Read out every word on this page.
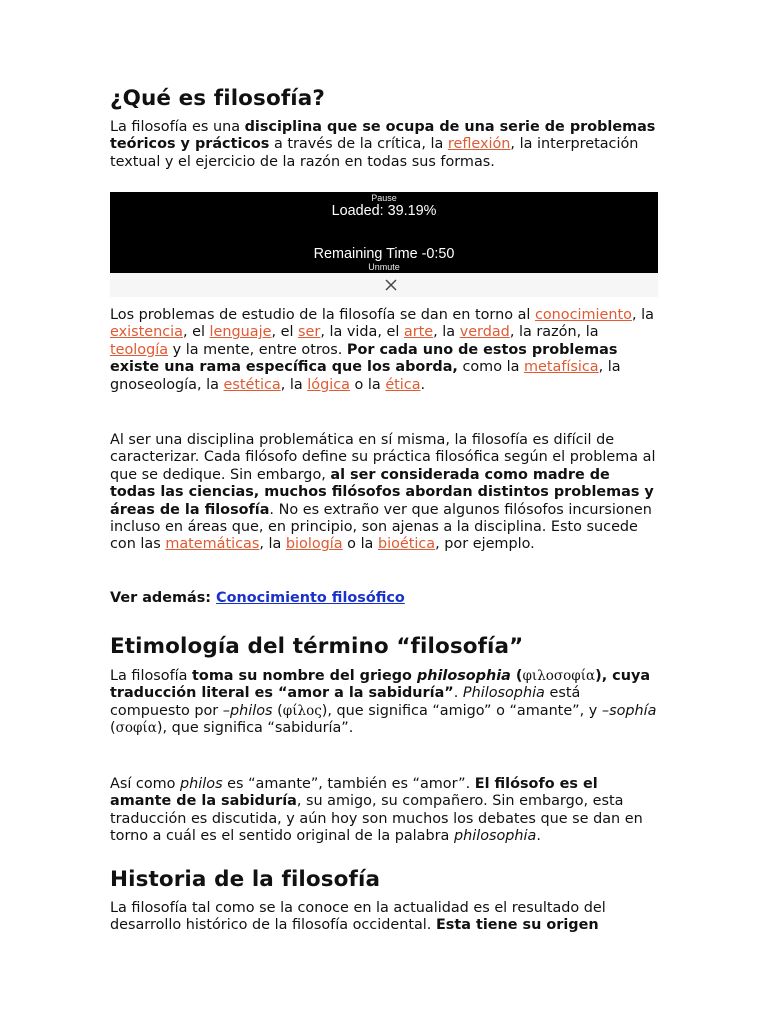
¿Qué es filosofía?

La filosofía es una disciplina que se ocupa de una serie de problemas teóricos y prácticos a través de la crítica, la reflexión, la interpretación textual y el ejercicio de la razón en todas sus formas.

Pause
Loaded: 39.19%
Remaining Time -0:50
Unmute

Los problemas de estudio de la filosofía se dan en torno al conocimiento, la existencia, el lenguaje, el ser, la vida, el arte, la verdad, la razón, la teología y la mente, entre otros. Por cada uno de estos problemas existe una rama específica que los aborda, como la metafísica, la gnoseología, la estética, la lógica o la ética.

Al ser una disciplina problemática en sí misma, la filosofía es difícil de caracterizar. Cada filósofo define su práctica filosófica según el problema al que se dedique. Sin embargo, al ser considerada como madre de todas las ciencias, muchos filósofos abordan distintos problemas y áreas de la filosofía. No es extraño ver que algunos filósofos incursionen incluso en áreas que, en principio, son ajenas a la disciplina. Esto sucede con las matemáticas, la biología o la bioética, por ejemplo.

Ver además: Conocimiento filosófico

Etimología del término “filosofía”

La filosofía toma su nombre del griego philosophia (φιλοσοφία), cuya traducción literal es “amor a la sabiduría”. Philosophia está compuesto por –philos (φίλος), que significa “amigo” o “amante”, y –sophía (σοφία), que significa “sabiduría”.

Así como philos es “amante”, también es “amor”. El filósofo es el amante de la sabiduría, su amigo, su compañero. Sin embargo, esta traducción es discutida, y aún hoy son muchos los debates que se dan en torno a cuál es el sentido original de la palabra philosophia.

Historia de la filosofía

La filosofía tal como se la conoce en la actualidad es el resultado del desarrollo histórico de la filosofía occidental. Esta tiene su origen
